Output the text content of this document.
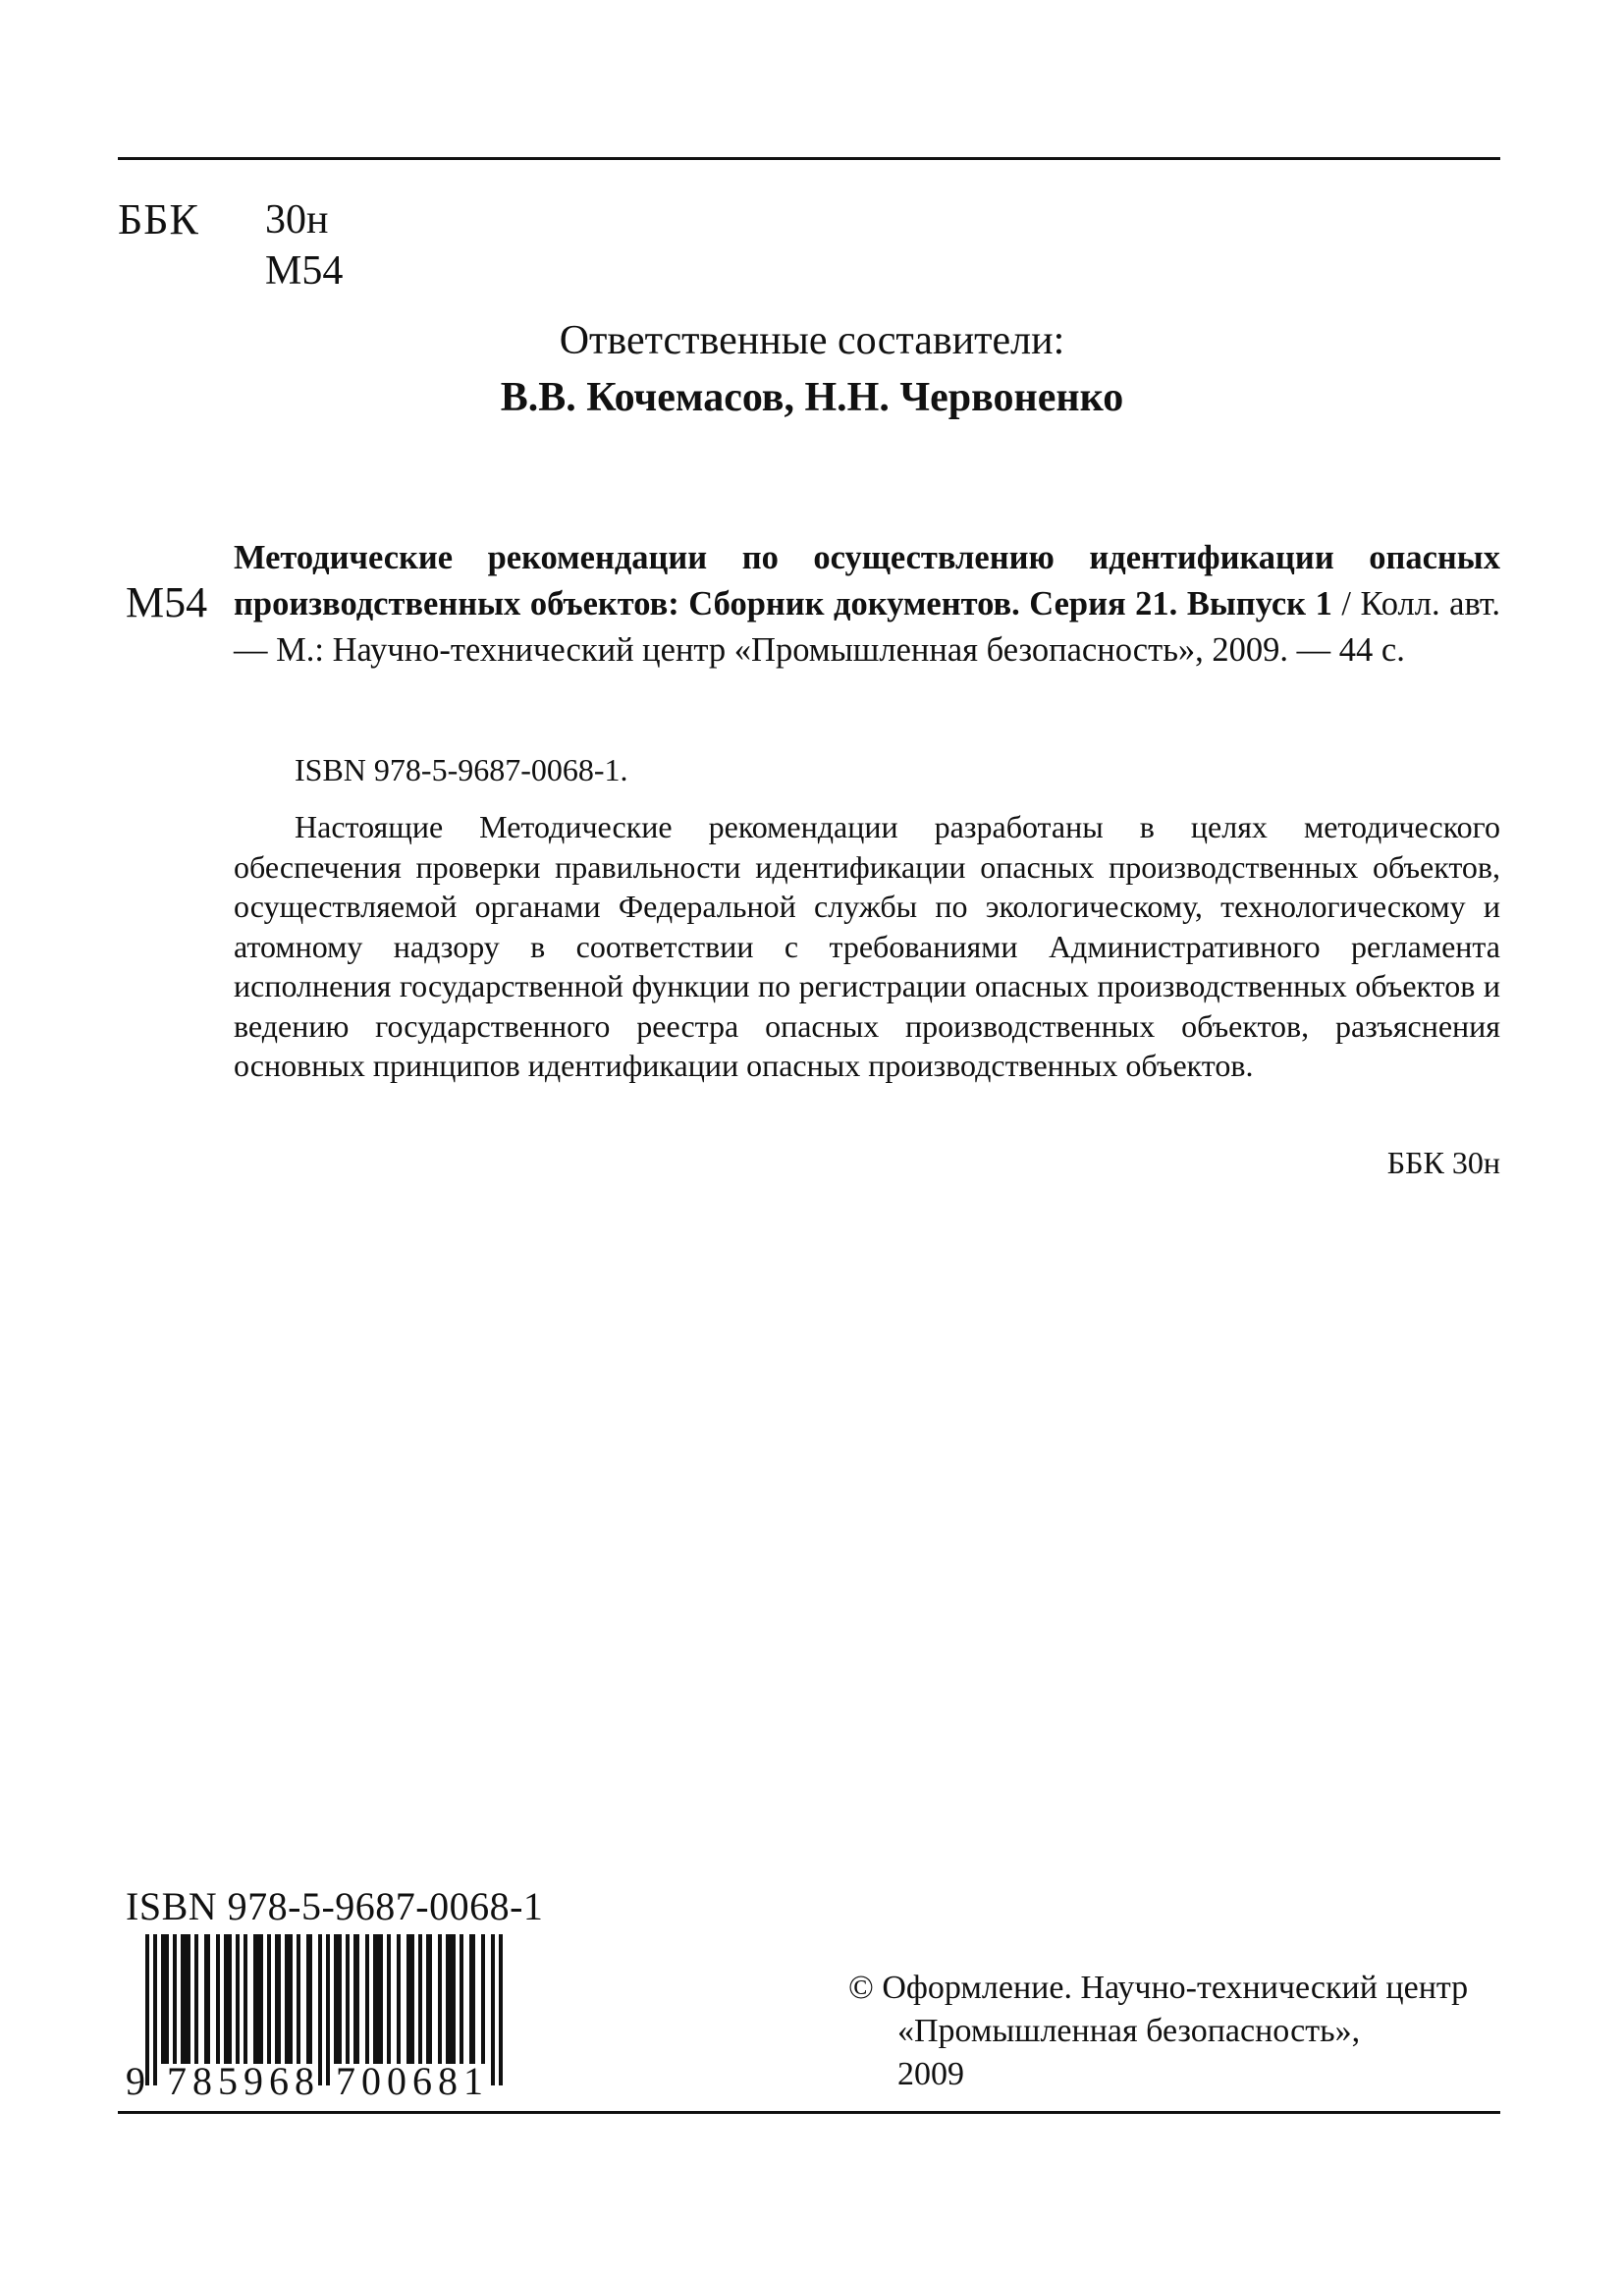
ББК 30н
М54
Ответственные составители:
В.В. Кочемасов, Н.Н. Червоненко
М54
Методические рекомендации по осуществлению идентификации опасных производственных объектов: Сборник документов. Серия 21. Выпуск 1 / Колл. авт. — М.: Научно-технический центр «Промышленная безопасность», 2009. — 44 с.
ISBN 978-5-9687-0068-1.
Настоящие Методические рекомендации разработаны в целях методического обеспечения проверки правильности идентификации опасных производственных объектов, осуществляемой органами Федеральной службы по экологическому, технологическому и атомному надзору в соответствии с требованиями Административного регламента исполнения государственной функции по регистрации опасных производственных объектов и ведению государственного реестра опасных производственных объектов, разъяснения основных принципов идентификации опасных производственных объектов.
ББК 30н
ISBN 978-5-9687-0068-1
9 785968 700681
© Оформление. Научно-технический центр
«Промышленная безопасность»,
2009
